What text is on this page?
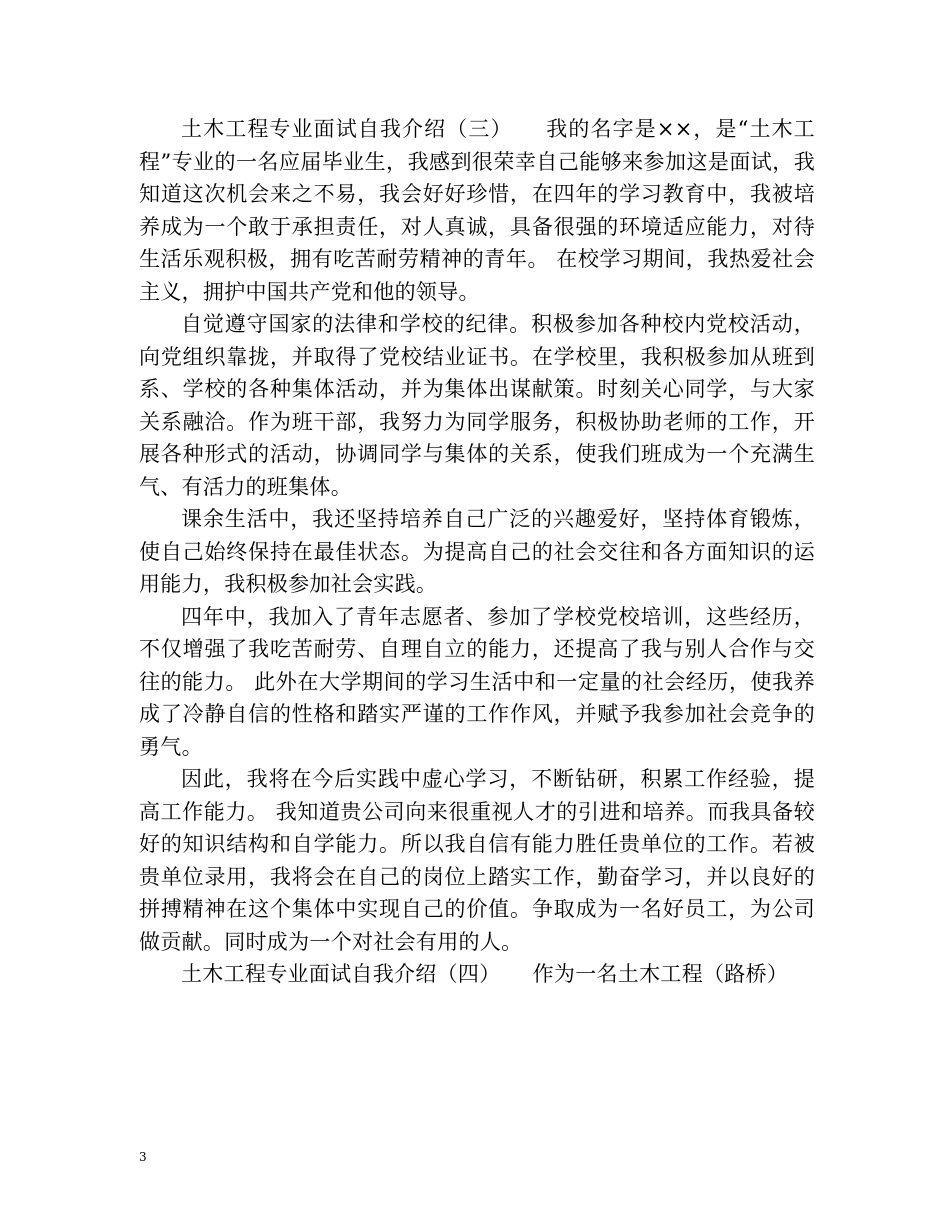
土木工程专业面试自我介绍（三）　　我的名字是××，是“土木工程”专业的一名应届毕业生，我感到很荣幸自己能够来参加这是面试，我知道这次机会来之不易，我会好好珍惜，在四年的学习教育中，我被培养成为一个敢于承担责任，对人真诚，具备很强的环境适应能力，对待生活乐观积极，拥有吃苦耐劳精神的青年。 在校学习期间，我热爱社会主义，拥护中国共产党和他的领导。

自觉遵守国家的法律和学校的纪律。积极参加各种校内党校活动，向党组织靠拢，并取得了党校结业证书。在学校里，我积极参加从班到系、学校的各种集体活动，并为集体出谋献策。时刻关心同学，与大家关系融洽。作为班干部，我努力为同学服务，积极协助老师的工作，开展各种形式的活动，协调同学与集体的关系，使我们班成为一个充满生气、有活力的班集体。

课余生活中，我还坚持培养自己广泛的兴趣爱好，坚持体育锻炼，使自己始终保持在最佳状态。为提高自己的社会交往和各方面知识的运用能力，我积极参加社会实践。

四年中，我加入了青年志愿者、参加了学校党校培训，这些经历，不仅增强了我吃苦耐劳、自理自立的能力，还提高了我与别人合作与交往的能力。 此外在大学期间的学习生活中和一定量的社会经历，使我养成了冷静自信的性格和踏实严谨的工作作风，并赋予我参加社会竞争的勇气。

因此，我将在今后实践中虚心学习，不断钻研，积累工作经验，提高工作能力。 我知道贵公司向来很重视人才的引进和培养。而我具备较好的知识结构和自学能力。所以我自信有能力胜任贵单位的工作。若被贵单位录用，我将会在自己的岗位上踏实工作，勤奋学习，并以良好的拼搏精神在这个集体中实现自己的价值。争取成为一名好员工，为公司做贡献。同时成为一个对社会有用的人。

土木工程专业面试自我介绍（四）　　作为一名土木工程（路桥）

3
